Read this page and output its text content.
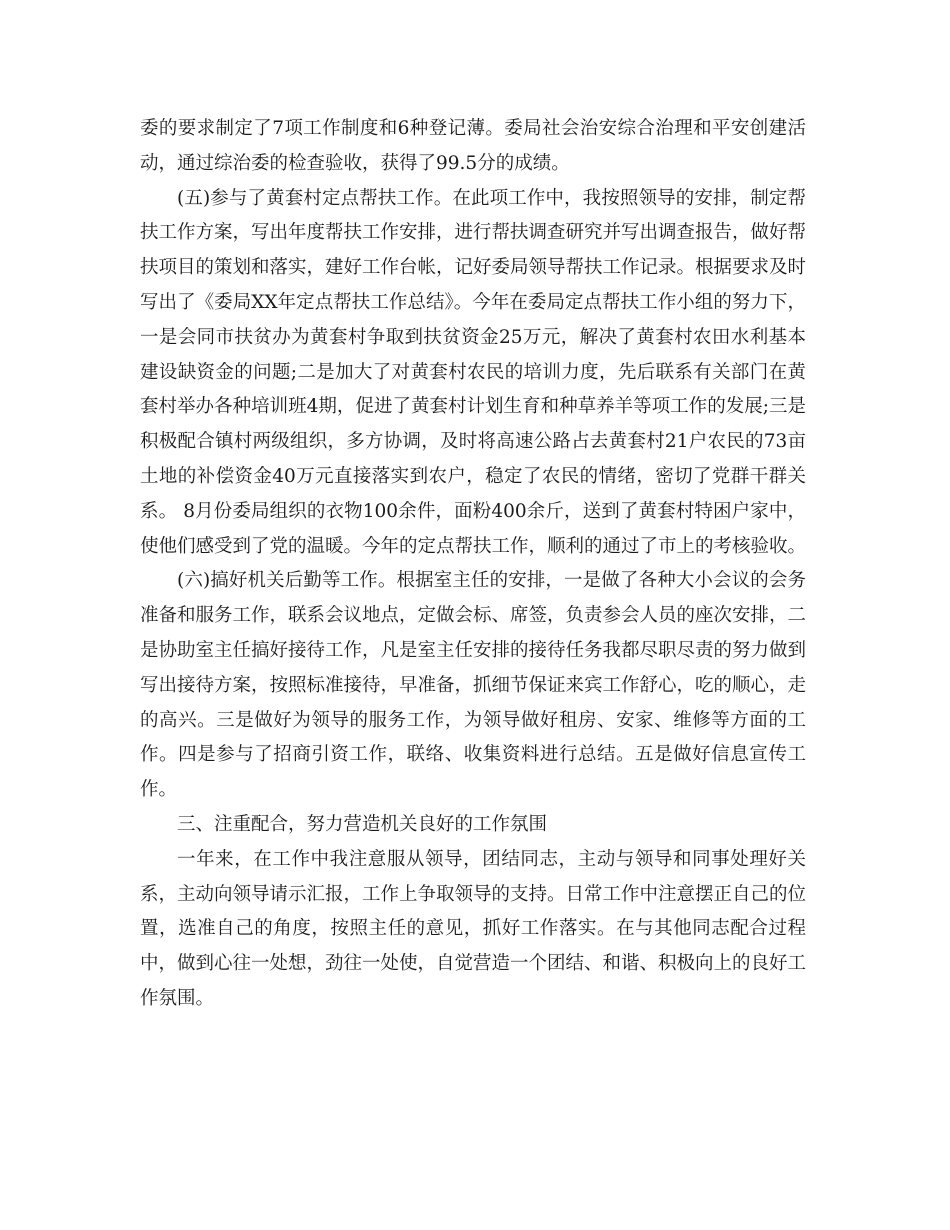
委的要求制定了7项工作制度和6种登记薄。委局社会治安综合治理和平安创建活动，通过综治委的检查验收，获得了99.5分的成绩。

(五)参与了黄套村定点帮扶工作。在此项工作中，我按照领导的安排，制定帮扶工作方案，写出年度帮扶工作安排，进行帮扶调查研究并写出调查报告，做好帮扶项目的策划和落实，建好工作台帐，记好委局领导帮扶工作记录。根据要求及时写出了《委局XX年定点帮扶工作总结》。今年在委局定点帮扶工作小组的努力下，一是会同市扶贫办为黄套村争取到扶贫资金25万元，解决了黄套村农田水利基本建设缺资金的问题;二是加大了对黄套村农民的培训力度，先后联系有关部门在黄套村举办各种培训班4期，促进了黄套村计划生育和种草养羊等项工作的发展;三是积极配合镇村两级组织，多方协调，及时将高速公路占去黄套村21户农民的73亩土地的补偿资金40万元直接落实到农户，稳定了农民的情绪，密切了党群干群关系。 8月份委局组织的衣物100余件，面粉400余斤，送到了黄套村特困户家中，使他们感受到了党的温暖。今年的定点帮扶工作，顺利的通过了市上的考核验收。

(六)搞好机关后勤等工作。根据室主任的安排，一是做了各种大小会议的会务准备和服务工作，联系会议地点，定做会标、席签，负责参会人员的座次安排，二是协助室主任搞好接待工作，凡是室主任安排的接待任务我都尽职尽责的努力做到写出接待方案，按照标准接待，早准备，抓细节保证来宾工作舒心，吃的顺心，走的高兴。三是做好为领导的服务工作，为领导做好租房、安家、维修等方面的工作。四是参与了招商引资工作，联络、收集资料进行总结。五是做好信息宣传工作。

三、注重配合，努力营造机关良好的工作氛围

一年来，在工作中我注意服从领导，团结同志，主动与领导和同事处理好关系，主动向领导请示汇报，工作上争取领导的支持。日常工作中注意摆正自己的位置，选准自己的角度，按照主任的意见，抓好工作落实。在与其他同志配合过程中，做到心往一处想，劲往一处使，自觉营造一个团结、和谐、积极向上的良好工作氛围。
